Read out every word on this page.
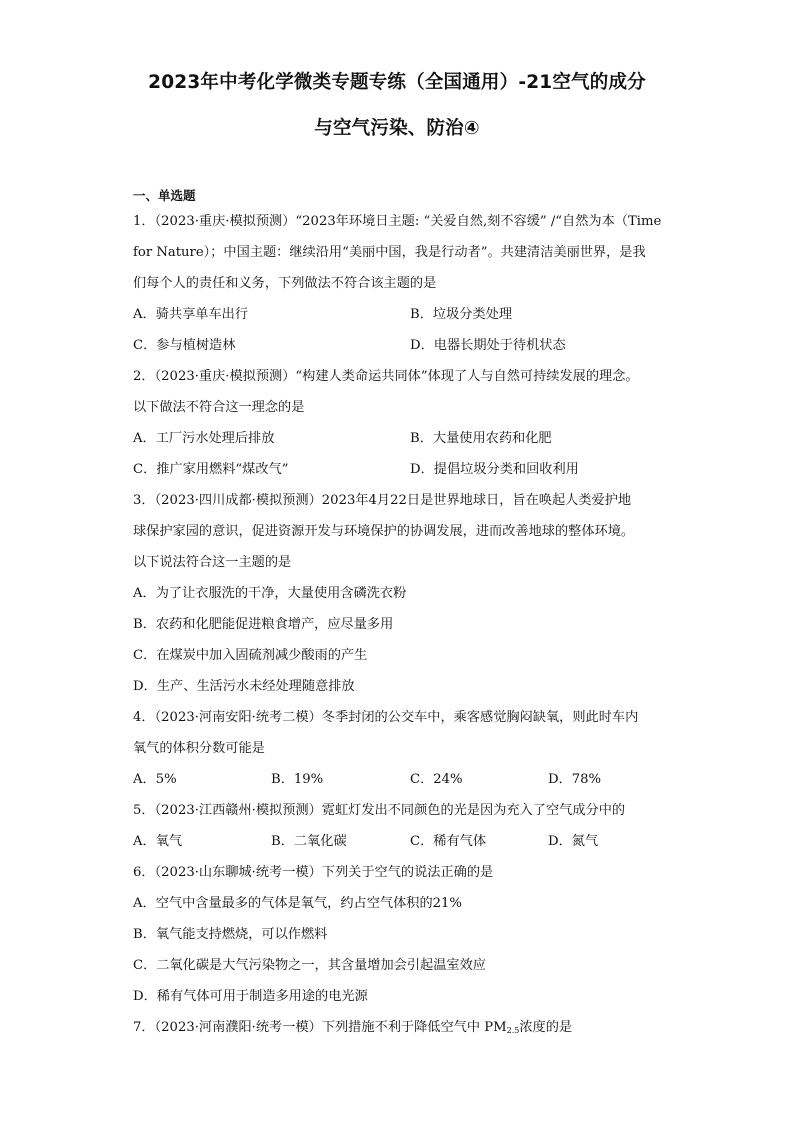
2023年中考化学微类专题专练（全国通用）-21空气的成分
与空气污染、防治④
一、单选题
1．（2023·重庆·模拟预测）“2023年环境日主题: “关爱自然,刻不容缓” /“自然为本（Time
for Nature）；中国主题：继续沿用“美丽中国，我是行动者”。共建清洁美丽世界，是我
们每个人的责任和义务，下列做法不符合该主题的是
A．骑共享单车出行	B．垃圾分类处理
C．参与植树造林	D．电器长期处于待机状态
2．（2023·重庆·模拟预测）“构建人类命运共同体”体现了人与自然可持续发展的理念。
以下做法不符合这一理念的是
A．工厂污水处理后排放	B．大量使用农药和化肥
C．推广家用燃料“煤改气”	D．提倡垃圾分类和回收利用
3．（2023·四川成都·模拟预测）2023年4月22日是世界地球日，旨在唤起人类爱护地
球保护家园的意识，促进资源开发与环境保护的协调发展，进而改善地球的整体环境。
以下说法符合这一主题的是
A．为了让衣服洗的干净，大量使用含磷洗衣粉
B．农药和化肥能促进粮食增产，应尽量多用
C．在煤炭中加入固硫剂减少酸雨的产生
D．生产、生活污水未经处理随意排放
4．（2023·河南安阳·统考二模）冬季封闭的公交车中，乘客感觉胸闷缺氧，则此时车内
氧气的体积分数可能是
A．5%	B．19%	C．24%	D．78%
5．（2023·江西赣州·模拟预测）霓虹灯发出不同颜色的光是因为充入了空气成分中的
A．氧气	B．二氧化碳	C．稀有气体	D．氮气
6．（2023·山东聊城·统考一模）下列关于空气的说法正确的是
A．空气中含量最多的气体是氧气，约占空气体积的21%
B．氧气能支持燃烧，可以作燃料
C．二氧化碳是大气污染物之一，其含量增加会引起温室效应
D．稀有气体可用于制造多用途的电光源
7．（2023·河南濮阳·统考一模）下列措施不利于降低空气中 $PM_{2.5}$浓度的是
